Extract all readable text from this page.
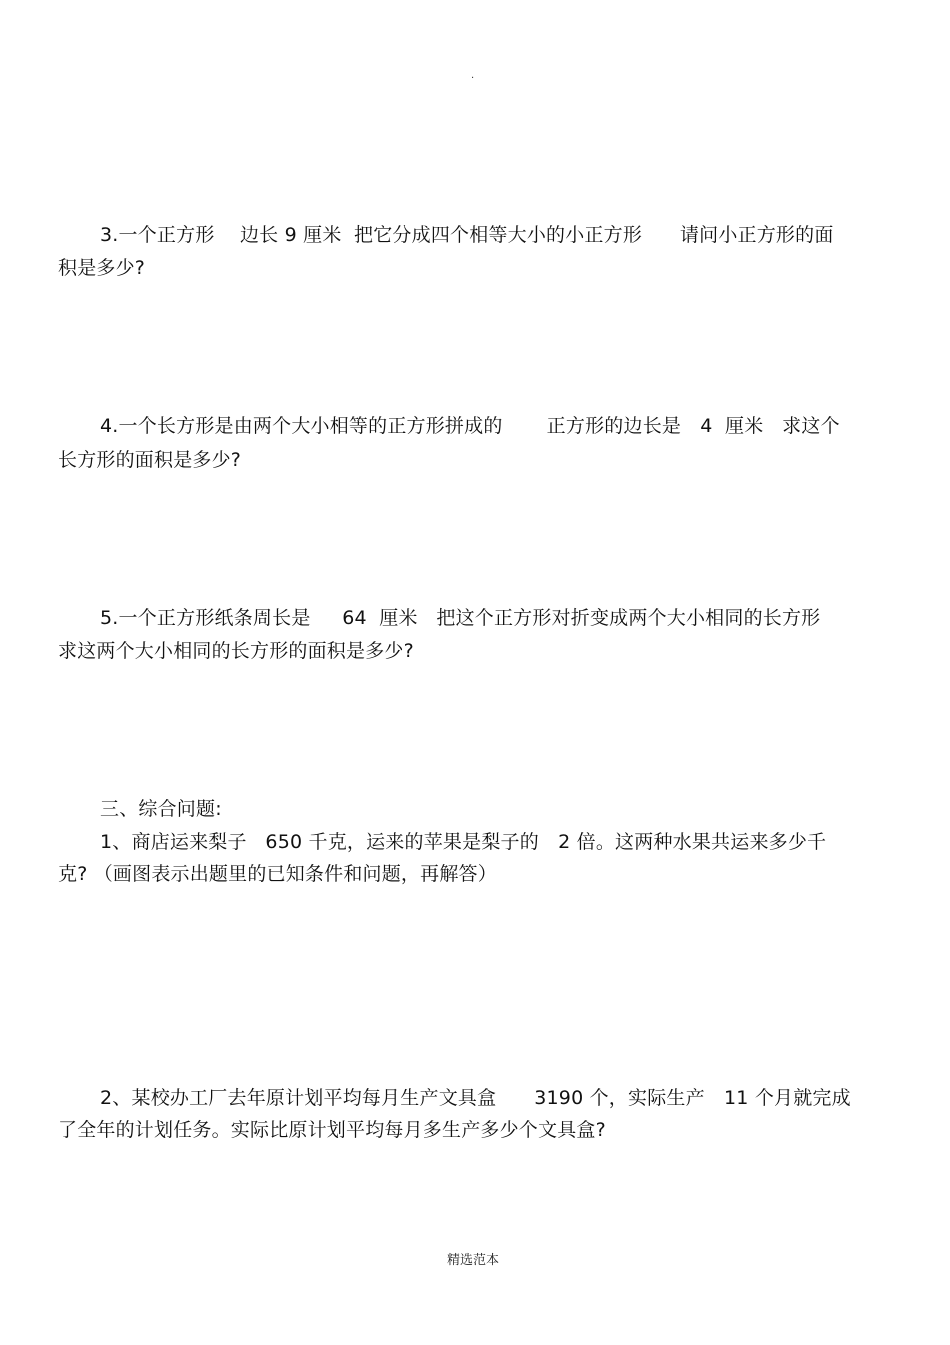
.
3.一个正方形　 边长 9 厘米  把它分成四个相等大小的小正方形　   请问小正方形的面
积是多少?
4.一个长方形是由两个大小相等的正方形拼成的　    正方形的边长是　4  厘米   求这个
长方形的面积是多少?
5.一个正方形纸条周长是　  64  厘米   把这个正方形对折变成两个大小相同的长方形
求这两个大小相同的长方形的面积是多少?
三、综合问题:
1、商店运来梨子   650 千克，运来的苹果是梨子的　2 倍。这两种水果共运来多少千
克? （画图表示出题里的已知条件和问题，再解答）
2、某校办工厂去年原计划平均每月生产文具盒　   3190 个，实际生产　11 个月就完成
了全年的计划任务。实际比原计划平均每月多生产多少个文具盒?
精选范本
